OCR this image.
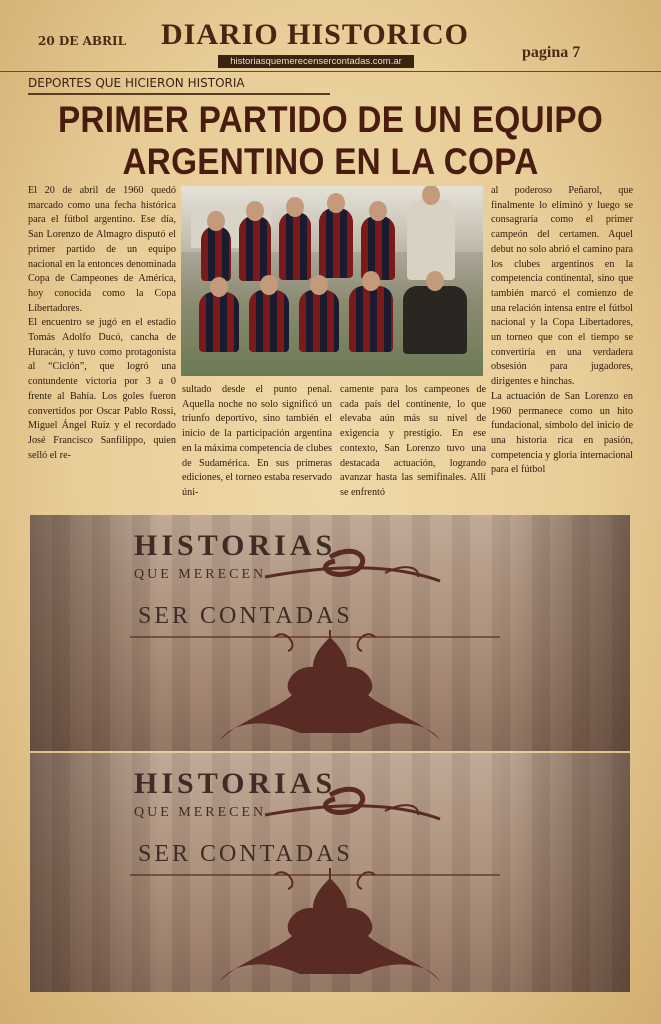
20 DE ABRIL	DIARIO HISTORICO
historiasquemerecensercontadas.com.ar
pagina 7
DEPORTES QUE HICIERON HISTORIA
PRIMER PARTIDO DE UN EQUIPO ARGENTINO EN LA COPA

El 20 de abril de 1960 quedó marcado como una fecha histórica para el fútbol argentino. Ese día, San Lorenzo de Almagro disputó el primer partido de un equipo nacional en la entonces denominada Copa de Campeones de América, hoy conocida como la Copa Libertadores.

El encuentro se jugó en el estadio Tomás Adolfo Ducó, cancha de Huracán, y tuvo como protagonista al “Ciclón”, que logró una contundente victoria por 3 a 0 frente al Bahía. Los goles fueron convertidos por Oscar Pablo Rossi, Miguel Ángel Ruiz y el recordado José Francisco Sanfilippo, quien selló el re-

sultado desde el punto penal. Aquella noche no solo significó un triunfo deportivo, sino también el inicio de la participación argentina en la máxima competencia de clubes de Sudamérica. En sus primeras ediciones, el torneo estaba reservado úni-
camente para los campeones de cada país del continente, lo que elevaba aún más su nivel de exigencia y prestigio. En ese contexto, San Lorenzo tuvo una destacada actuación, logrando avanzar hasta las semifinales. Allí se enfrentó

al poderoso Peñarol, que finalmente lo eliminó y luego se consagraría como el primer campeón del certamen. Aquel debut no solo abrió el camino para los clubes argentinos en la competencia continental, sino que también marcó el comienzo de una relación intensa entre el fútbol nacional y la Copa Libertadores, un torneo que con el tiempo se convertiría en una verdadera obsesión para jugadores, dirigentes e hinchas.

La actuación de San Lorenzo en 1960 permanece como un hito fundacional, símbolo del inicio de una historia rica en pasión, competencia y gloria internacional para el fútbol

HISTORIAS
QUE MERECEN
SER CONTADAS
HISTORIAS
QUE MERECEN
SER CONTADAS
